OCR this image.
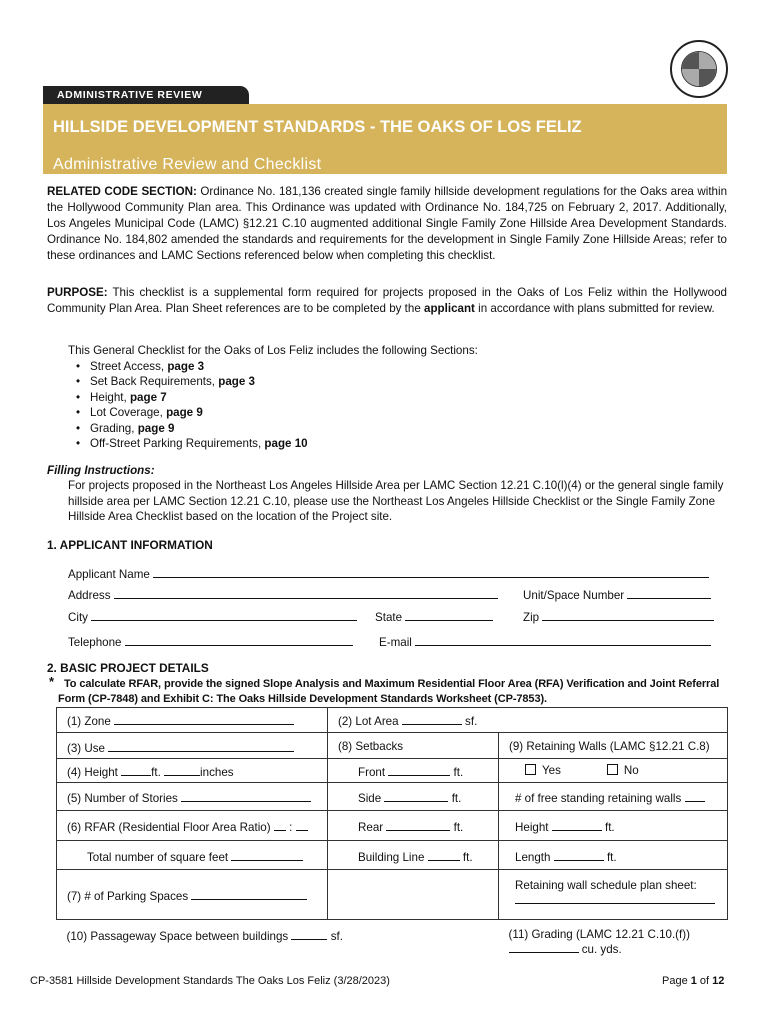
ADMINISTRATIVE REVIEW
HILLSIDE DEVELOPMENT STANDARDS - THE OAKS OF LOS FELIZ
Administrative Review and Checklist
RELATED CODE SECTION: Ordinance No. 181,136 created single family hillside development regulations for the Oaks area within the Hollywood Community Plan area. This Ordinance was updated with Ordinance No. 184,725 on February 2, 2017. Additionally, Los Angeles Municipal Code (LAMC) §12.21 C.10 augmented additional Single Family Zone Hillside Area Development Standards. Ordinance No. 184,802 amended the standards and requirements for the development in Single Family Zone Hillside Areas; refer to these ordinances and LAMC Sections referenced below when completing this checklist.
PURPOSE: This checklist is a supplemental form required for projects proposed in the Oaks of Los Feliz within the Hollywood Community Plan Area. Plan Sheet references are to be completed by the applicant in accordance with plans submitted for review.
This General Checklist for the Oaks of Los Feliz includes the following Sections:
• Street Access, page 3
• Set Back Requirements, page 3
• Height, page 7
• Lot Coverage, page 9
• Grading, page 9
• Off-Street Parking Requirements, page 10
Filling Instructions:
For projects proposed in the Northeast Los Angeles Hillside Area per LAMC Section 12.21 C.10(l)(4) or the general single family hillside area per LAMC Section 12.21 C.10, please use the Northeast Los Angeles Hillside Checklist or the Single Family Zone Hillside Area Checklist based on the location of the Project site.
1. APPLICANT INFORMATION
Applicant Name
Address	Unit/Space Number
City	State	Zip
Telephone	E-mail
2. BASIC PROJECT DETAILS
* To calculate RFAR, provide the signed Slope Analysis and Maximum Residential Floor Area (RFA) Verification and Joint Referral Form (CP-7848) and Exhibit C: The Oaks Hillside Development Standards Worksheet (CP-7853).
(1) Zone	(2) Lot Area sf.	
(3) Use	(8) Setbacks	(9) Retaining Walls (LAMC §12.21 C.8)
(4) Height ft. inches	Front ft.	Yes No
(5) Number of Stories	Side ft.	# of free standing retaining walls
(6) RFAR (Residential Floor Area Ratio) :	Rear ft.	Height ft.
Total number of square feet	Building Line ft.	Length ft.
(7) # of Parking Spaces		Retaining wall schedule plan sheet:

(10) Passageway Space between buildings sf.		(11) Grading (LAMC 12.21 C.10.(f))  cu. yds.
CP-3581 Hillside Development Standards The Oaks Los Feliz (3/28/2023)	Page 1 of 12
